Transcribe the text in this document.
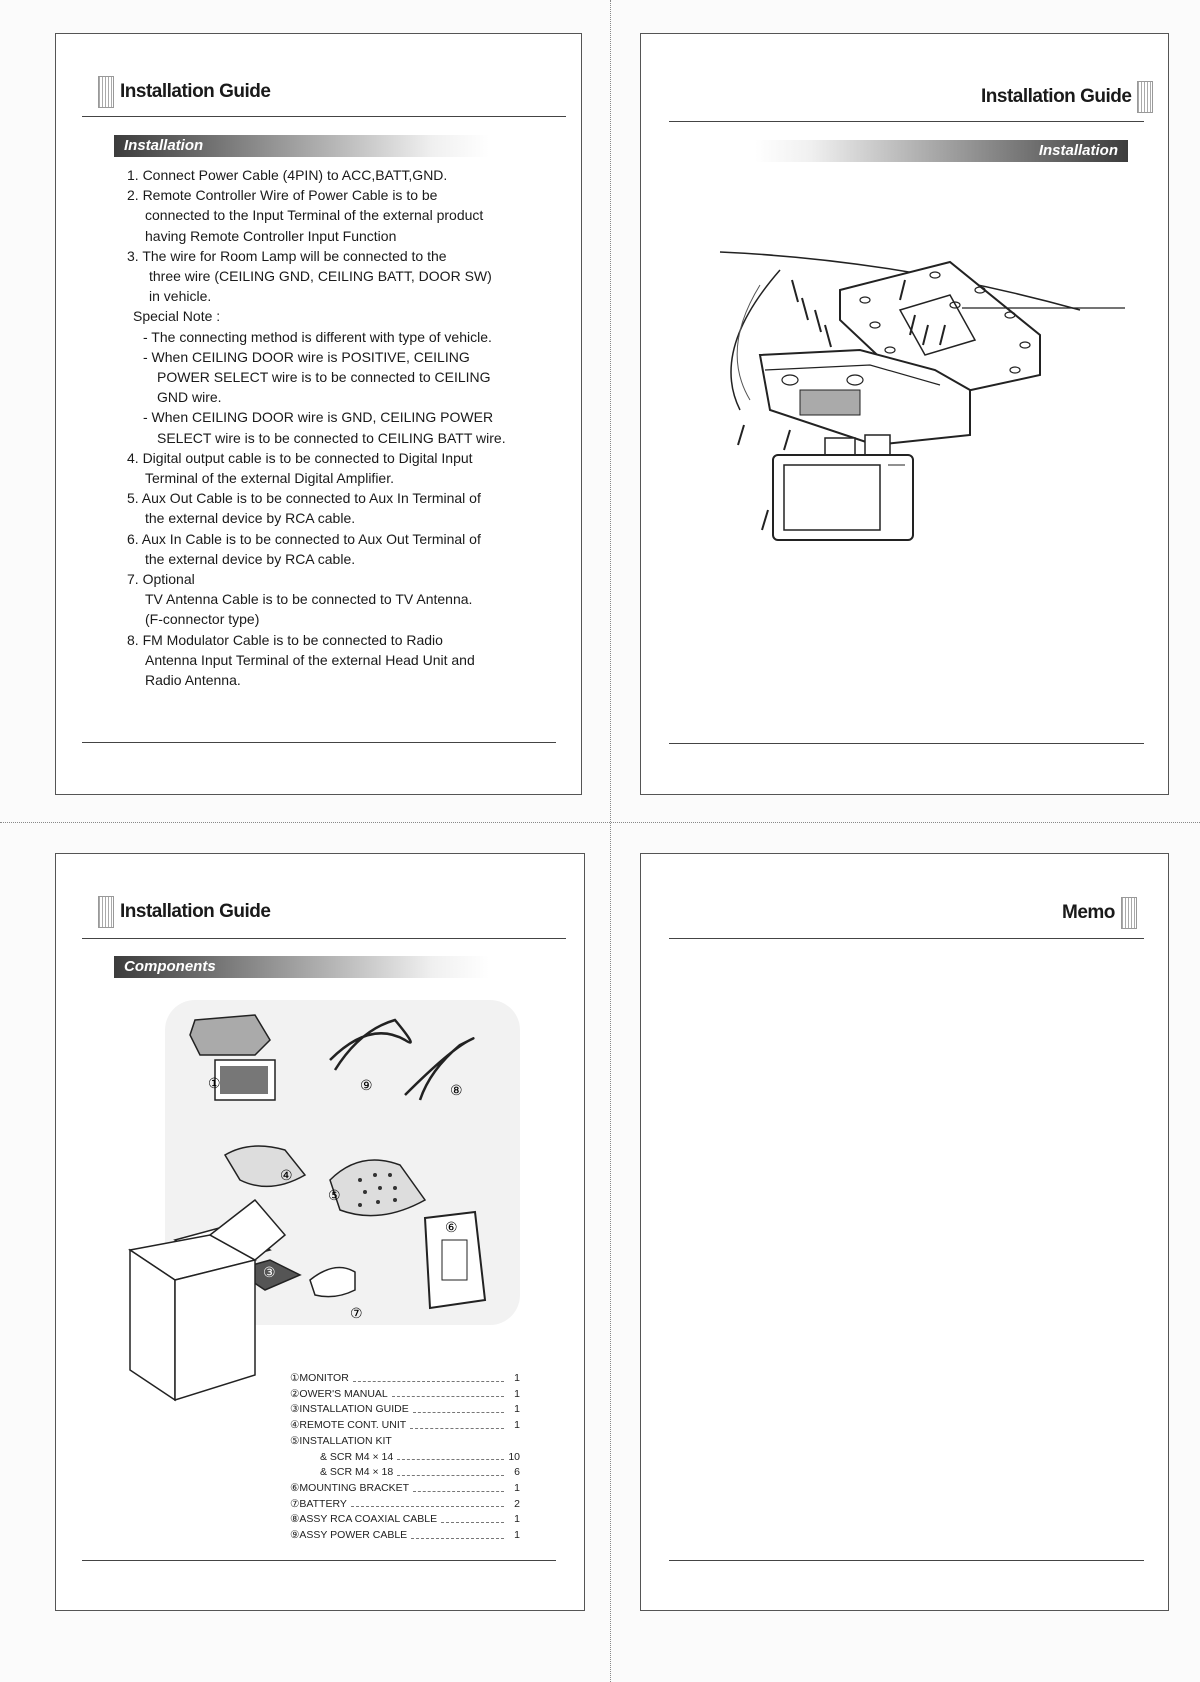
Installation Guide
Installation
1. Connect Power Cable (4PIN) to ACC,BATT,GND.
2. Remote Controller Wire of Power Cable is to be
connected to the Input Terminal of the external product
having Remote Controller Input Function
3. The wire for Room Lamp will be connected to the
three wire (CEILING GND, CEILING BATT, DOOR SW)
in vehicle.
Special Note :
- The connecting method is different with type of vehicle.
- When CEILING DOOR wire is POSITIVE, CEILING
POWER SELECT wire is to be connected to CEILING
GND wire.
- When CEILING DOOR wire is GND, CEILING POWER
SELECT wire is to be connected to CEILING BATT wire.
4. Digital output cable is to be connected to Digital Input
Terminal of the external Digital Amplifier.
5. Aux Out Cable is to be connected to Aux In Terminal of
the external device by RCA cable.
6. Aux In Cable is to be connected to Aux Out Terminal of
the external device by RCA cable.
7. Optional
TV Antenna Cable is to be connected to TV Antenna.
(F-connector type)
8. FM Modulator Cable is to be connected to Radio
Antenna Input Terminal of the external Head Unit and
Radio Antenna.
Installation Guide
Installation
Installation Guide
Components
①	⑨	⑧
④
⑤
③
⑦
⑥
①MONITOR	1
②OWER'S MANUAL	1
③INSTALLATION GUIDE	1
④REMOTE CONT. UNIT	1
⑤INSTALLATION KIT
& SCR M4 × 14	10
& SCR M4 × 18	6
⑥MOUNTING BRACKET	1
⑦BATTERY	2
⑧ASSY RCA COAXIAL CABLE	1
⑨ASSY POWER CABLE	1
Memo
